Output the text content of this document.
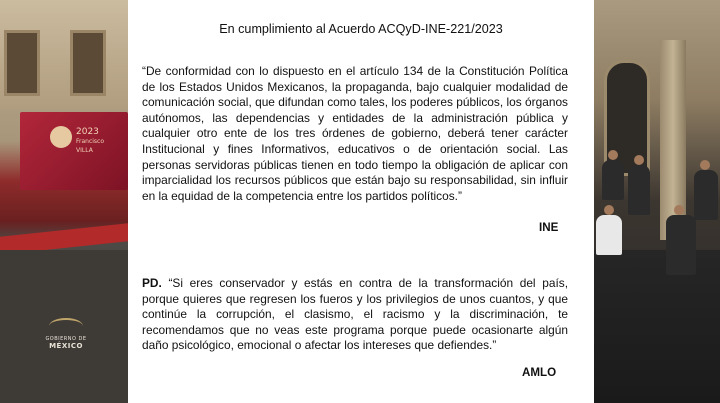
2023
Francisco
VILLA
GOBIERNO DE
MÉXICO
En cumplimiento al Acuerdo ACQyD-INE-221/2023
“De conformidad con lo dispuesto en el artículo 134 de la Constitución Política de los Estados Unidos Mexicanos, la propaganda, bajo cualquier modalidad de comunicación social, que difundan como tales, los poderes públicos, los órganos autónomos, las dependencias y entidades de la administración pública y cualquier otro ente de los tres órdenes de gobierno, deberá tener carácter Institucional y fines Informativos, educativos o de orientación social. Las personas servidoras públicas tienen en todo tiempo la obligación de aplicar con imparcialidad los recursos públicos que están bajo su responsabilidad, sin influir en la equidad de la competencia entre los partidos políticos.”
INE
PD. “Si eres conservador y estás en contra de la transformación del país, porque quieres que regresen los fueros y los privilegios de unos cuantos, y que continúe la corrupción, el clasismo, el racismo y la discriminación, te recomendamos que no veas este programa porque puede ocasionarte algún daño psicológico, emocional o afectar los intereses que defiendes.”
AMLO
